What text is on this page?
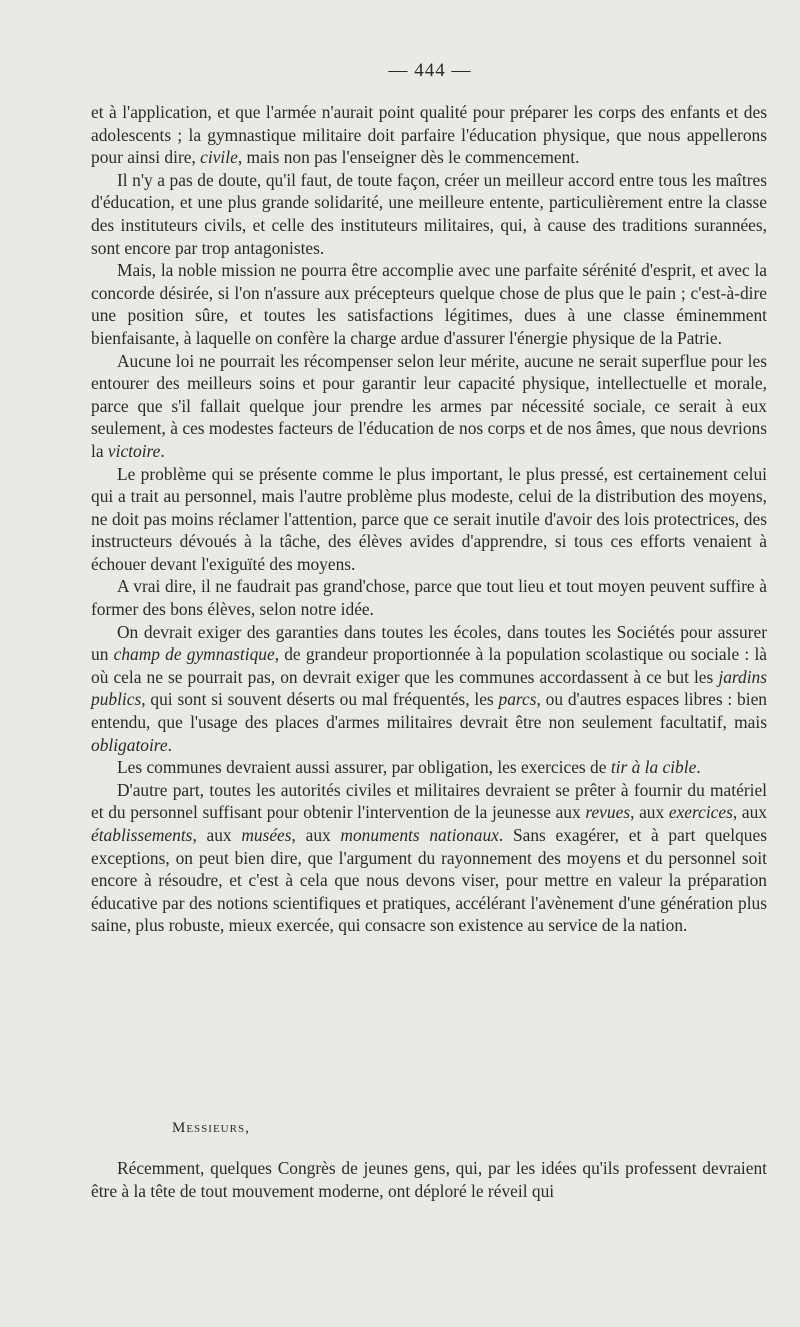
— 444 —

et à l'application, et que l'armée n'aurait point qualité pour préparer les corps des enfants et des adolescents ; la gymnastique militaire doit parfaire l'éducation physique, que nous appellerons pour ainsi dire, civile, mais non pas l'enseigner dès le commencement.

Il n'y a pas de doute, qu'il faut, de toute façon, créer un meilleur accord entre tous les maîtres d'éducation, et une plus grande solidarité, une meilleure entente, particulièrement entre la classe des instituteurs civils, et celle des instituteurs militaires, qui, à cause des traditions surannées, sont encore par trop antagonistes.

Mais, la noble mission ne pourra être accomplie avec une parfaite sérénité d'esprit, et avec la concorde désirée, si l'on n'assure aux précepteurs quelque chose de plus que le pain ; c'est-à-dire une position sûre, et toutes les satisfactions légitimes, dues à une classe éminemment bienfaisante, à laquelle on confère la charge ardue d'assurer l'énergie physique de la Patrie.

Aucune loi ne pourrait les récompenser selon leur mérite, aucune ne serait superflue pour les entourer des meilleurs soins et pour garantir leur capacité physique, intellectuelle et morale, parce que s'il fallait quelque jour prendre les armes par nécessité sociale, ce serait à eux seulement, à ces modestes facteurs de l'éducation de nos corps et de nos âmes, que nous devrions la victoire.

Le problème qui se présente comme le plus important, le plus pressé, est certainement celui qui a trait au personnel, mais l'autre problème plus modeste, celui de la distribution des moyens, ne doit pas moins réclamer l'attention, parce que ce serait inutile d'avoir des lois protectrices, des instructeurs dévoués à la tâche, des élèves avides d'apprendre, si tous ces efforts venaient à échouer devant l'exiguïté des moyens.

A vrai dire, il ne faudrait pas grand'chose, parce que tout lieu et tout moyen peuvent suffire à former des bons élèves, selon notre idée.

On devrait exiger des garanties dans toutes les écoles, dans toutes les Sociétés pour assurer un champ de gymnastique, de grandeur proportionnée à la population scolastique ou sociale : là où cela ne se pourrait pas, on devrait exiger que les communes accordassent à ce but les jardins publics, qui sont si souvent déserts ou mal fréquentés, les parcs, ou d'autres espaces libres : bien entendu, que l'usage des places d'armes militaires devrait être non seulement facultatif, mais obligatoire.

Les communes devraient aussi assurer, par obligation, les exercices de tir à la cible.

D'autre part, toutes les autorités civiles et militaires devraient se prêter à fournir du matériel et du personnel suffisant pour obtenir l'intervention de la jeunesse aux revues, aux exercices, aux établissements, aux musées, aux monuments nationaux. Sans exagérer, et à part quelques exceptions, on peut bien dire, que l'argument du rayonnement des moyens et du personnel soit encore à résoudre, et c'est à cela que nous devons viser, pour mettre en valeur la préparation éducative par des notions scientifiques et pratiques, accélérant l'avènement d'une génération plus saine, plus robuste, mieux exercée, qui consacre son existence au service de la nation.

Messieurs,

Récemment, quelques Congrès de jeunes gens, qui, par les idées qu'ils professent devraient être à la tête de tout mouvement moderne, ont déploré le réveil qui
